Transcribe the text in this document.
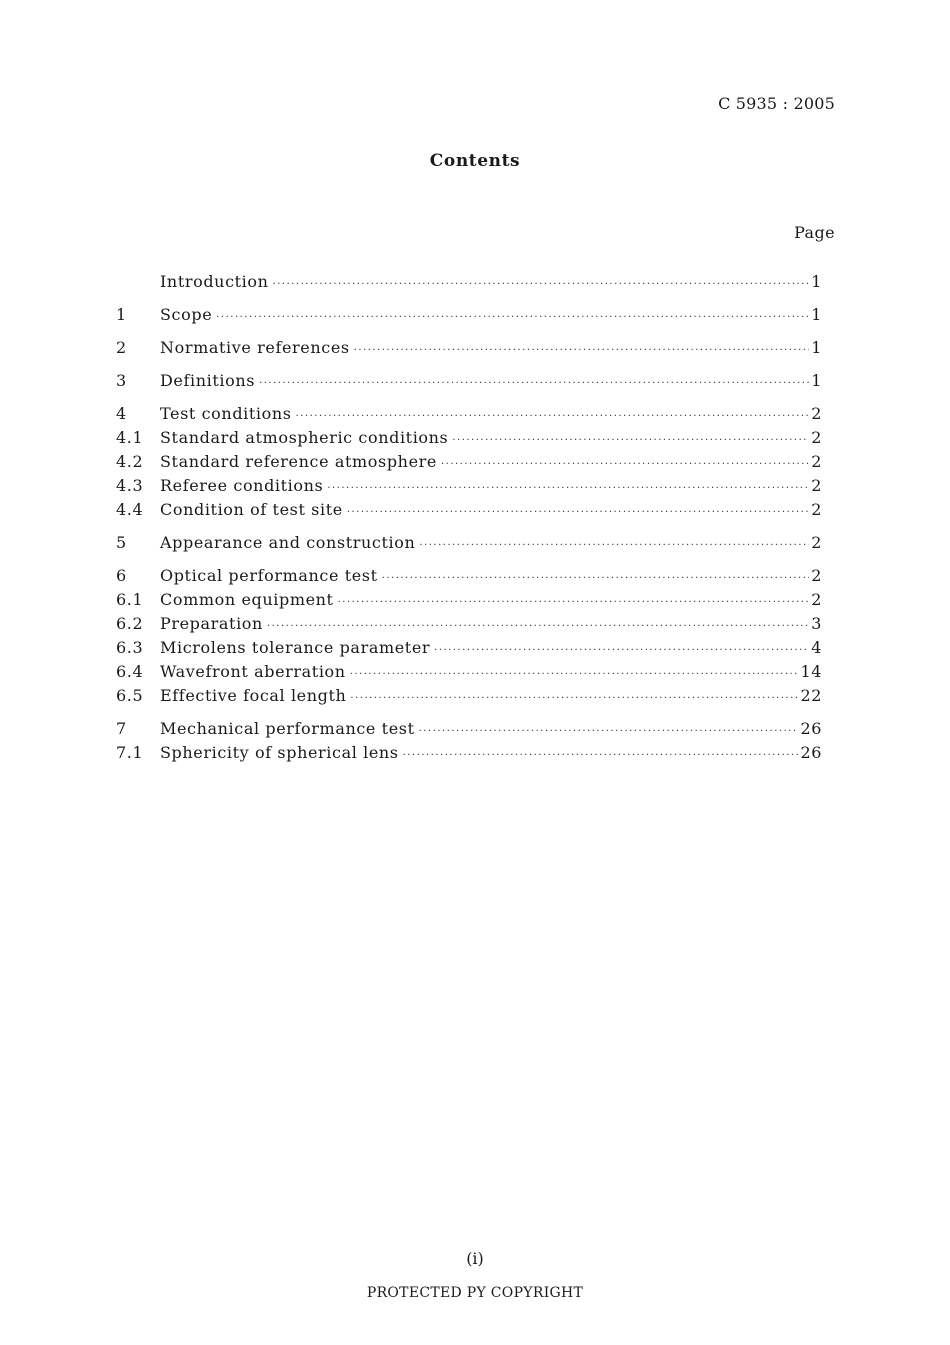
C 5935 : 2005
Contents
Page
Introduction ·····	1
1	Scope ·····	1
2	Normative references ·····	1
3	Definitions ·····	1
4	Test conditions ·····	2
4.1	Standard atmospheric conditions ·····	2
4.2	Standard reference atmosphere ·····	2
4.3	Referee conditions ·····	2
4.4	Condition of test site ·····	2
5	Appearance and construction ·····	2
6	Optical performance test ·····	2
6.1	Common equipment ·····	2
6.2	Preparation ·····	3
6.3	Microlens tolerance parameter ·····	4
6.4	Wavefront aberration ·····	14
6.5	Effective focal length ·····	22
7	Mechanical performance test ·····	26
7.1	Sphericity of spherical lens ·····	26
(i)
PROTECTED PY COPYRIGHT
